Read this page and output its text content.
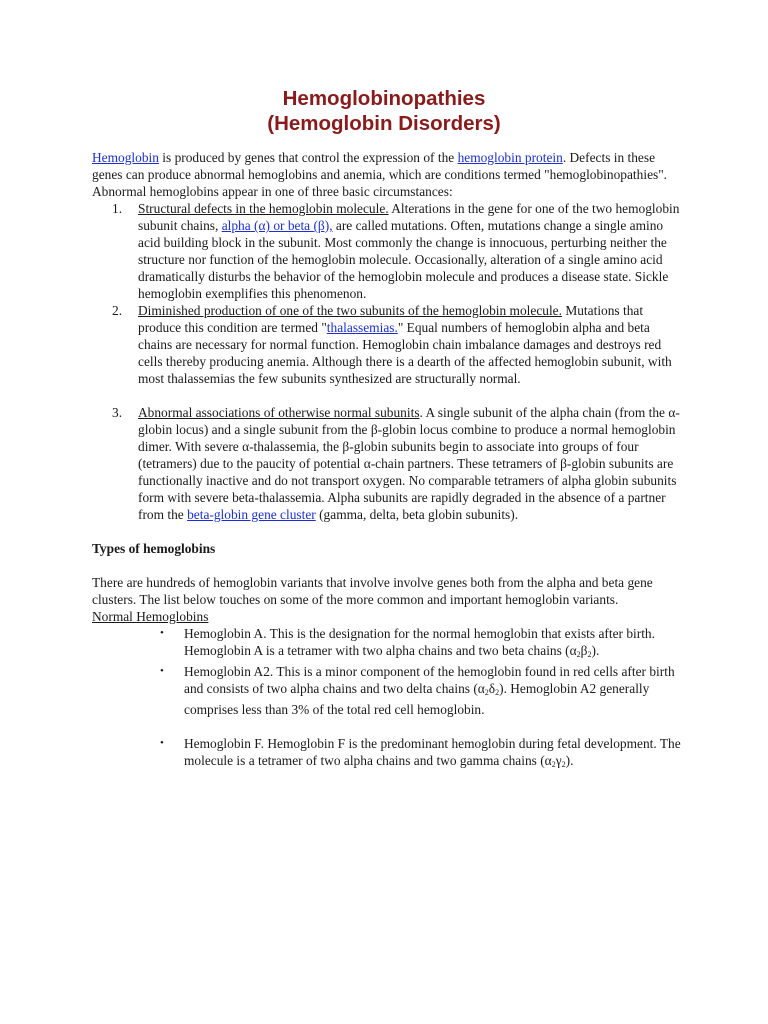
Hemoglobinopathies
(Hemoglobin Disorders)

Hemoglobin is produced by genes that control the expression of the hemoglobin protein. Defects in these genes can produce abnormal hemoglobins and anemia, which are conditions termed "hemoglobinopathies". Abnormal hemoglobins appear in one of three basic circumstances:

1. Structural defects in the hemoglobin molecule. Alterations in the gene for one of the two hemoglobin subunit chains, alpha (α) or beta (β), are called mutations. Often, mutations change a single amino acid building block in the subunit. Most commonly the change is innocuous, perturbing neither the structure nor function of the hemoglobin molecule. Occasionally, alteration of a single amino acid dramatically disturbs the behavior of the hemoglobin molecule and produces a disease state. Sickle hemoglobin exemplifies this phenomenon.
2. Diminished production of one of the two subunits of the hemoglobin molecule. Mutations that produce this condition are termed "thalassemias." Equal numbers of hemoglobin alpha and beta chains are necessary for normal function. Hemoglobin chain imbalance damages and destroys red cells thereby producing anemia. Although there is a dearth of the affected hemoglobin subunit, with most thalassemias the few subunits synthesized are structurally normal.
3. Abnormal associations of otherwise normal subunits. A single subunit of the alpha chain (from the α-globin locus) and a single subunit from the β-globin locus combine to produce a normal hemoglobin dimer. With severe α-thalassemia, the β-globin subunits begin to associate into groups of four (tetramers) due to the paucity of potential α-chain partners. These tetramers of β-globin subunits are functionally inactive and do not transport oxygen. No comparable tetramers of alpha globin subunits form with severe beta-thalassemia. Alpha subunits are rapidly degraded in the absence of a partner from the beta-globin gene cluster (gamma, delta, beta globin subunits).

Types of hemoglobins

There are hundreds of hemoglobin variants that involve involve genes both from the alpha and beta gene clusters. The list below touches on some of the more common and important hemoglobin variants.

Normal Hemoglobins

• Hemoglobin A. This is the designation for the normal hemoglobin that exists after birth. Hemoglobin A is a tetramer with two alpha chains and two beta chains $(\alpha_2\beta_2)$.
• Hemoglobin A2. This is a minor component of the hemoglobin found in red cells after birth and consists of two alpha chains and two delta chains $(\alpha_2\delta_2)$. Hemoglobin A2 generally comprises less than 3% of the total red cell hemoglobin.
• Hemoglobin F. Hemoglobin F is the predominant hemoglobin during fetal development. The molecule is a tetramer of two alpha chains and two gamma chains $(\alpha_2\gamma_2)$.
